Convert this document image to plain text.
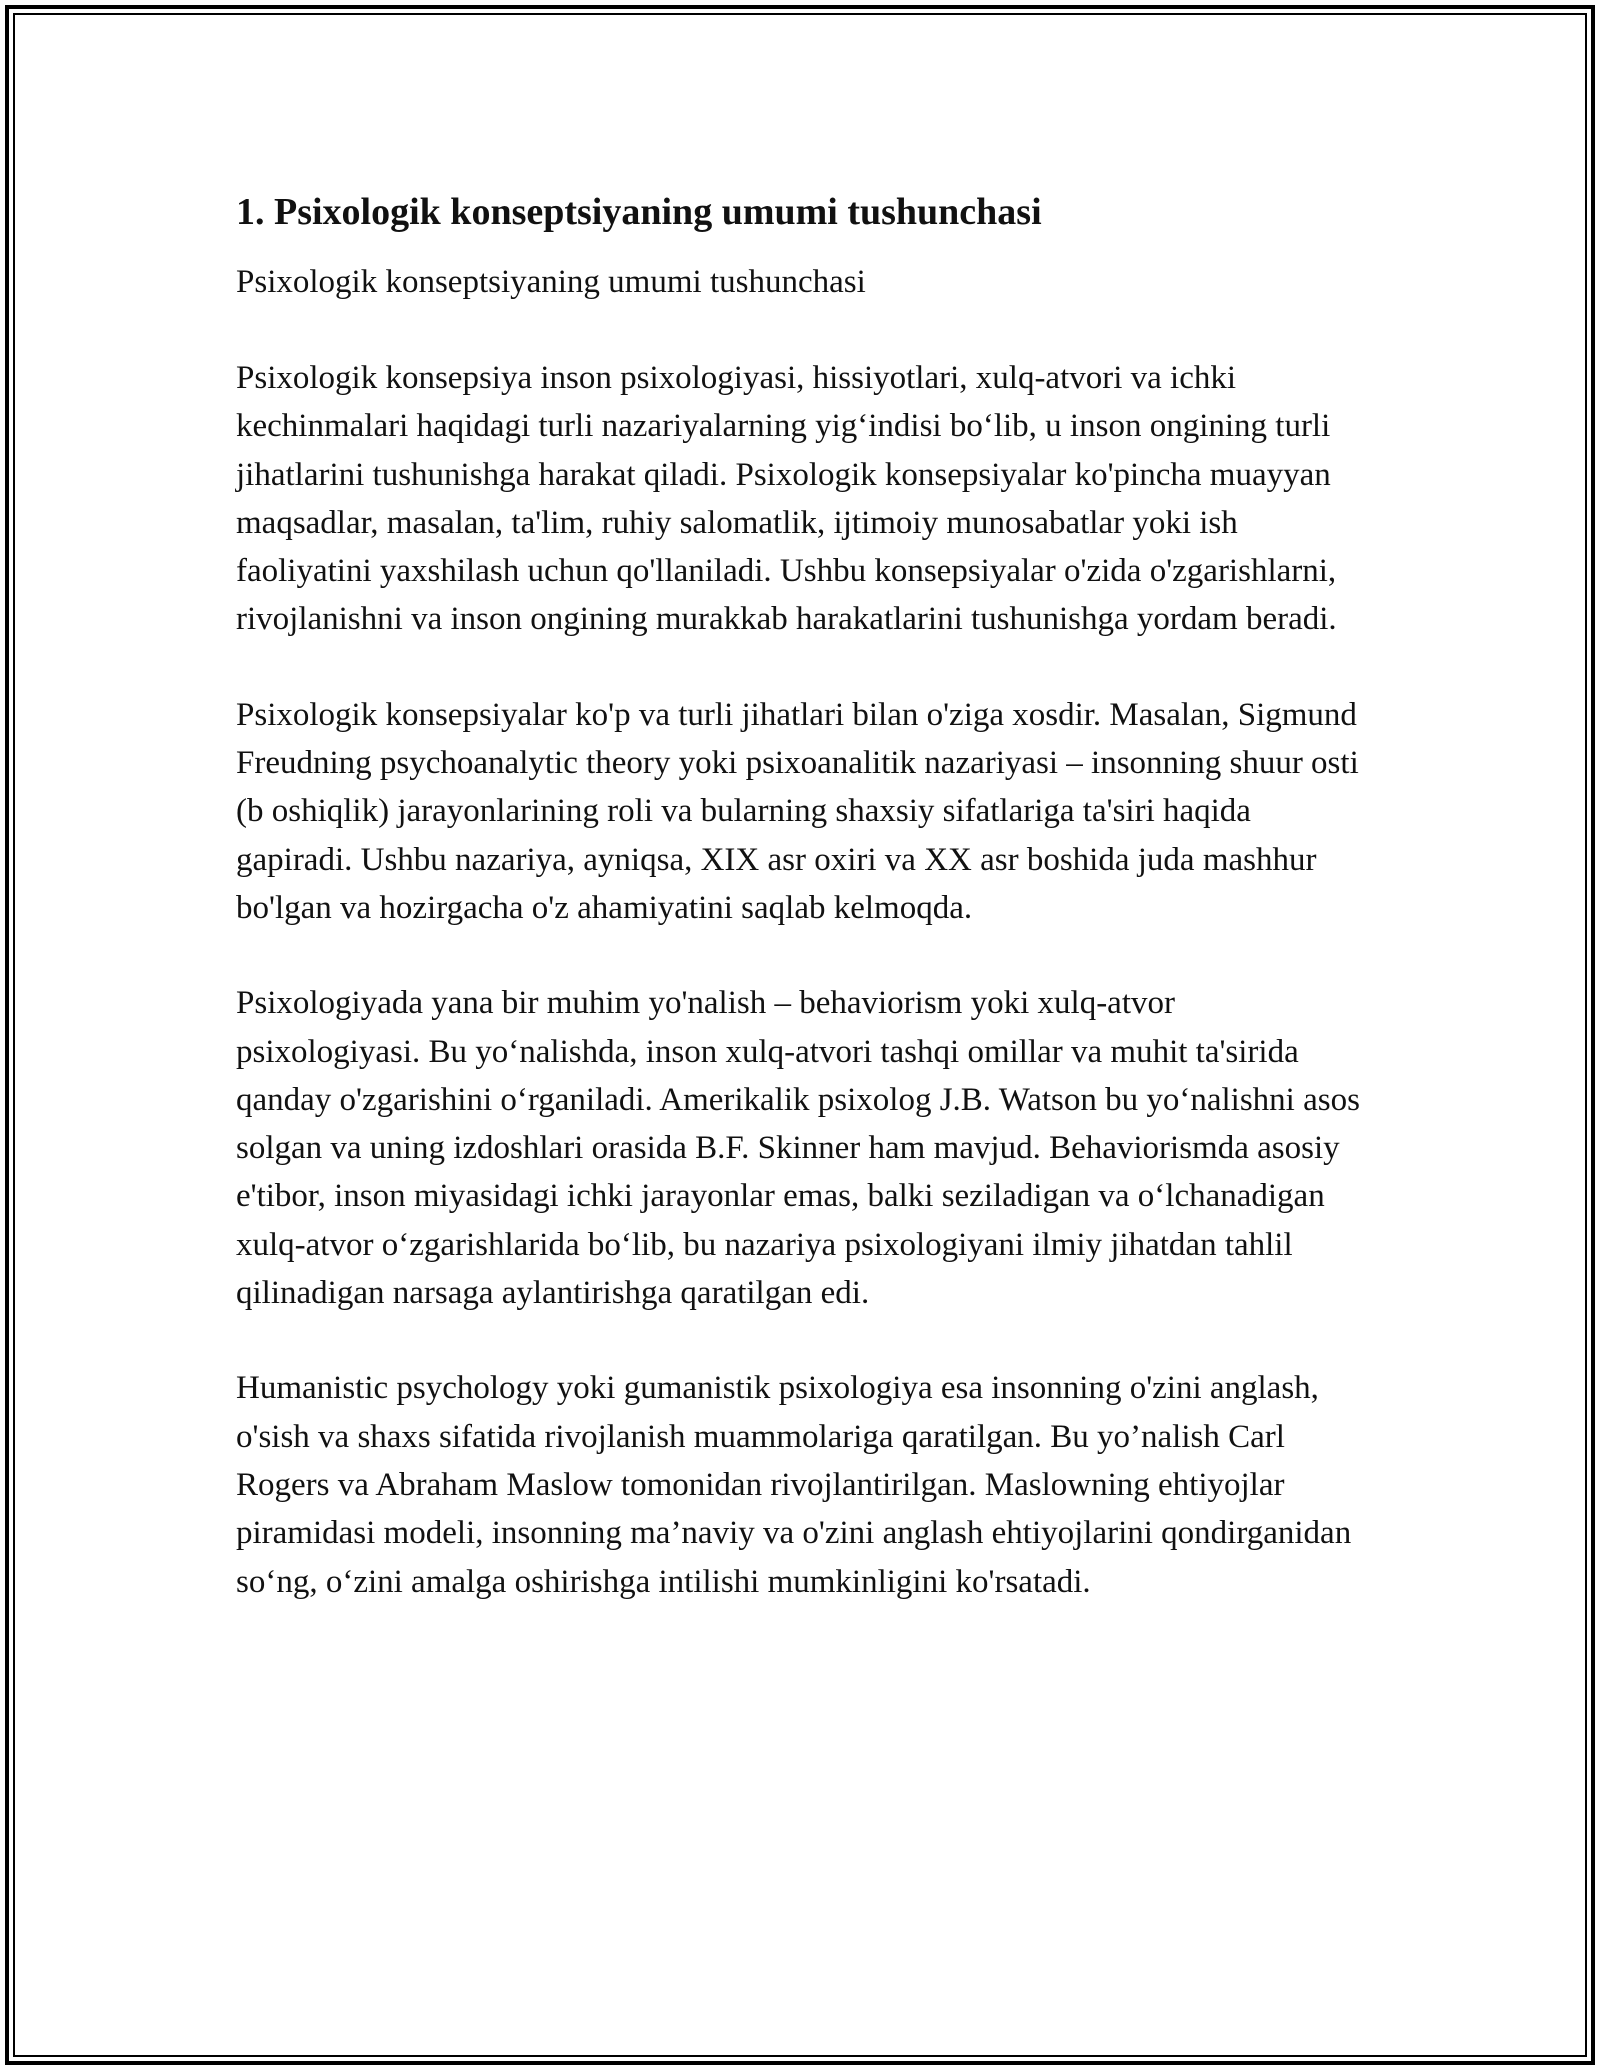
1. Psixologik konseptsiyaning umumi tushunchasi

Psixologik konseptsiyaning umumi tushunchasi

Psixologik konsepsiya inson psixologiyasi, hissiyotlari, xulq-atvori va ichki kechinmalari haqidagi turli nazariyalarning yig‘indisi bo‘lib, u inson ongining turli jihatlarini tushunishga harakat qiladi. Psixologik konsepsiyalar ko'pincha muayyan maqsadlar, masalan, ta'lim, ruhiy salomatlik, ijtimoiy munosabatlar yoki ish faoliyatini yaxshilash uchun qo'llaniladi. Ushbu konsepsiyalar o'zida o'zgarishlarni, rivojlanishni va inson ongining murakkab harakatlarini tushunishga yordam beradi.

Psixologik konsepsiyalar ko'p va turli jihatlari bilan o'ziga xosdir. Masalan, Sigmund Freudning psychoanalytic theory yoki psixoanalitik nazariyasi – insonning shuur osti (b oshiqlik) jarayonlarining roli va bularning shaxsiy sifatlariga ta'siri haqida gapiradi. Ushbu nazariya, ayniqsa, XIX asr oxiri va XX asr boshida juda mashhur bo'lgan va hozirgacha o'z ahamiyatini saqlab kelmoqda.

Psixologiyada yana bir muhim yo'nalish – behaviorism yoki xulq-atvor psixologiyasi. Bu yo‘nalishda, inson xulq-atvori tashqi omillar va muhit ta'sirida qanday o'zgarishini o‘rganiladi. Amerikalik psixolog J.B. Watson bu yo‘nalishni asos solgan va uning izdoshlari orasida B.F. Skinner ham mavjud. Behaviorismda asosiy e'tibor, inson miyasidagi ichki jarayonlar emas, balki seziladigan va o‘lchanadigan xulq-atvor o‘zgarishlarida bo‘lib, bu nazariya psixologiyani ilmiy jihatdan tahlil qilinadigan narsaga aylantirishga qaratilgan edi.

Humanistic psychology yoki gumanistik psixologiya esa insonning o'zini anglash, o'sish va shaxs sifatida rivojlanish muammolariga qaratilgan. Bu yo’nalish Carl Rogers va Abraham Maslow tomonidan rivojlantirilgan. Maslowning ehtiyojlar piramidasi modeli, insonning ma’naviy va o'zini anglash ehtiyojlarini qondirganidan so‘ng, o‘zini amalga oshirishga intilishi mumkinligini ko'rsatadi.
